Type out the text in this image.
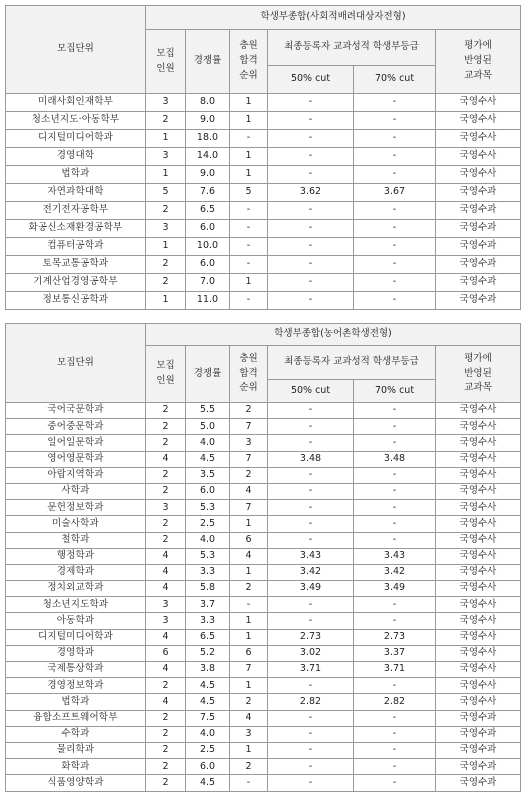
모집단위	학생부종합(사회적배려대상자전형)					
	모집
인원	경쟁률	충원
합격
순위	최종등록자 교과성적 학생부등급		평가에
반영된
교과목
				50% cut	70% cut	
미래사회인재학부	3	8.0	1	-	-	국영수사
청소년지도·아동학부	2	9.0	1	-	-	국영수사
디지털미디어학과	1	18.0	-	-	-	국영수사
경영대학	3	14.0	1	-	-	국영수사
법학과	1	9.0	1	-	-	국영수사
자연과학대학	5	7.6	5	3.62	3.67	국영수과
전기전자공학부	2	6.5	-	-	-	국영수과
화공신소재환경공학부	3	6.0	-	-	-	국영수과
컴퓨터공학과	1	10.0	-	-	-	국영수과
토목교통공학과	2	6.0	-	-	-	국영수과
기계산업경영공학부	2	7.0	1	-	-	국영수과
정보통신공학과	1	11.0	-	-	-	국영수과
모집단위	학생부종합(농어촌학생전형)					
	모집
인원	경쟁률	충원
합격
순위	최종등록자 교과성적 학생부등급		평가에
반영된
교과목
				50% cut	70% cut	
국어국문학과	2	5.5	2	-	-	국영수사
중어중문학과	2	5.0	7	-	-	국영수사
일어일문학과	2	4.0	3	-	-	국영수사
영어영문학과	4	4.5	7	3.48	3.48	국영수사
아랍지역학과	2	3.5	2	-	-	국영수사
사학과	2	6.0	4	-	-	국영수사
문헌정보학과	3	5.3	7	-	-	국영수사
미술사학과	2	2.5	1	-	-	국영수사
철학과	2	4.0	6	-	-	국영수사
행정학과	4	5.3	4	3.43	3.43	국영수사
경제학과	4	3.3	1	3.42	3.42	국영수사
정치외교학과	4	5.8	2	3.49	3.49	국영수사
청소년지도학과	3	3.7	-	-	-	국영수사
아동학과	3	3.3	1	-	-	국영수사
디지털미디어학과	4	6.5	1	2.73	2.73	국영수사
경영학과	6	5.2	6	3.02	3.37	국영수사
국제통상학과	4	3.8	7	3.71	3.71	국영수사
경영정보학과	2	4.5	1	-	-	국영수사
법학과	4	4.5	2	2.82	2.82	국영수사
융합소프트웨어학부	2	7.5	4	-	-	국영수과
수학과	2	4.0	3	-	-	국영수과
물리학과	2	2.5	1	-	-	국영수과
화학과	2	6.0	2	-	-	국영수과
식품영양학과	2	4.5	-	-	-	국영수과
